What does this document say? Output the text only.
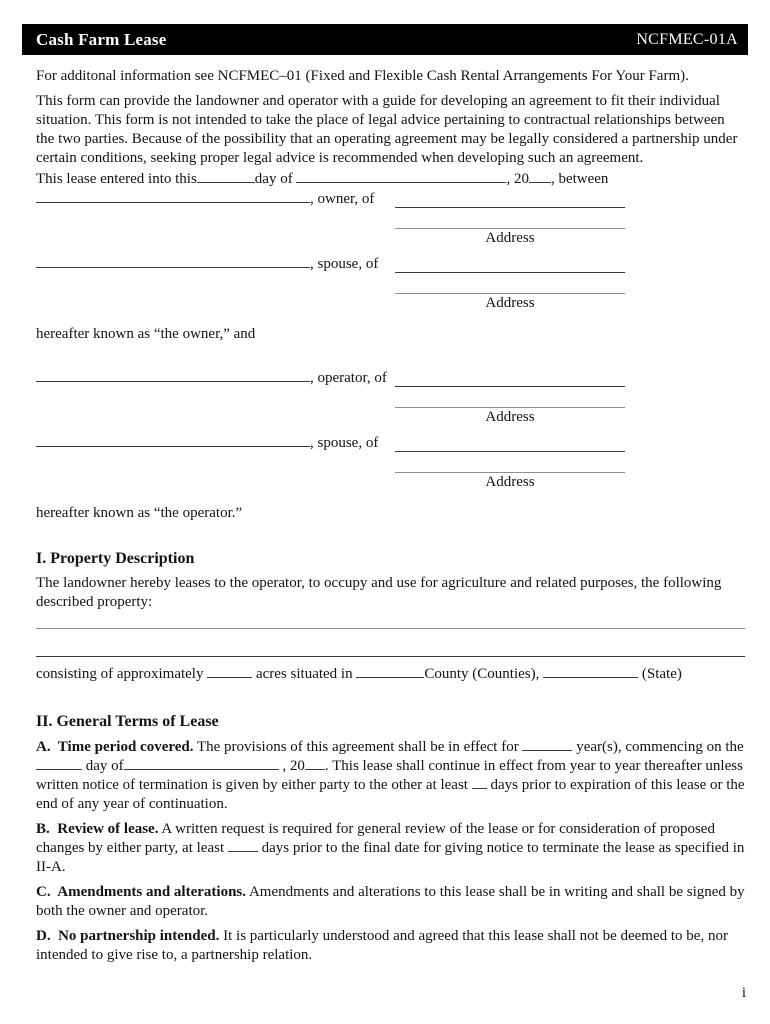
Cash Farm Lease	NCFMEC-01A

For additonal information see NCFMEC–01 (Fixed and Flexible Cash Rental Arrangements For Your Farm).

This form can provide the landowner and operator with a guide for developing an agreement to fit their individual situation. This form is not intended to take the place of legal advice pertaining to contractual relationships between the two parties. Because of the possibility that an operating agreement may be legally considered a partnership under certain conditions, seeking proper legal advice is recommended when developing such an agreement.

This lease entered into this	day of	, 20 , between

, owner, of
Address
, spouse, of
Address

hereafter known as “the owner,” and

, operator, of
Address
, spouse, of
Address

hereafter known as “the operator.”

I. Property Description

The landowner hereby leases to the operator, to occupy and use for agriculture and related purposes, the following described property:

consisting of approximately	acres situated in	County (Counties),	(State)

II. General Terms of Lease

A.  Time period covered. The provisions of this agreement shall be in effect for	year(s), commencing on the  day of	, 20 . This lease shall continue in effect from year to year thereafter unless written notice of termination is given by either party to the other at least  days prior to expiration of this lease or the end of any year of continuation.

B.  Review of lease. A written request is required for general review of the lease or for consideration of proposed changes by either party, at least  days prior to the final date for giving notice to terminate the lease as specified in II-A.

C.  Amendments and alterations. Amendments and alterations to this lease shall be in writing and shall be signed by both the owner and operator.

D.  No partnership intended. It is particularly understood and agreed that this lease shall not be deemed to be, nor intended to give rise to, a partnership relation.

i
